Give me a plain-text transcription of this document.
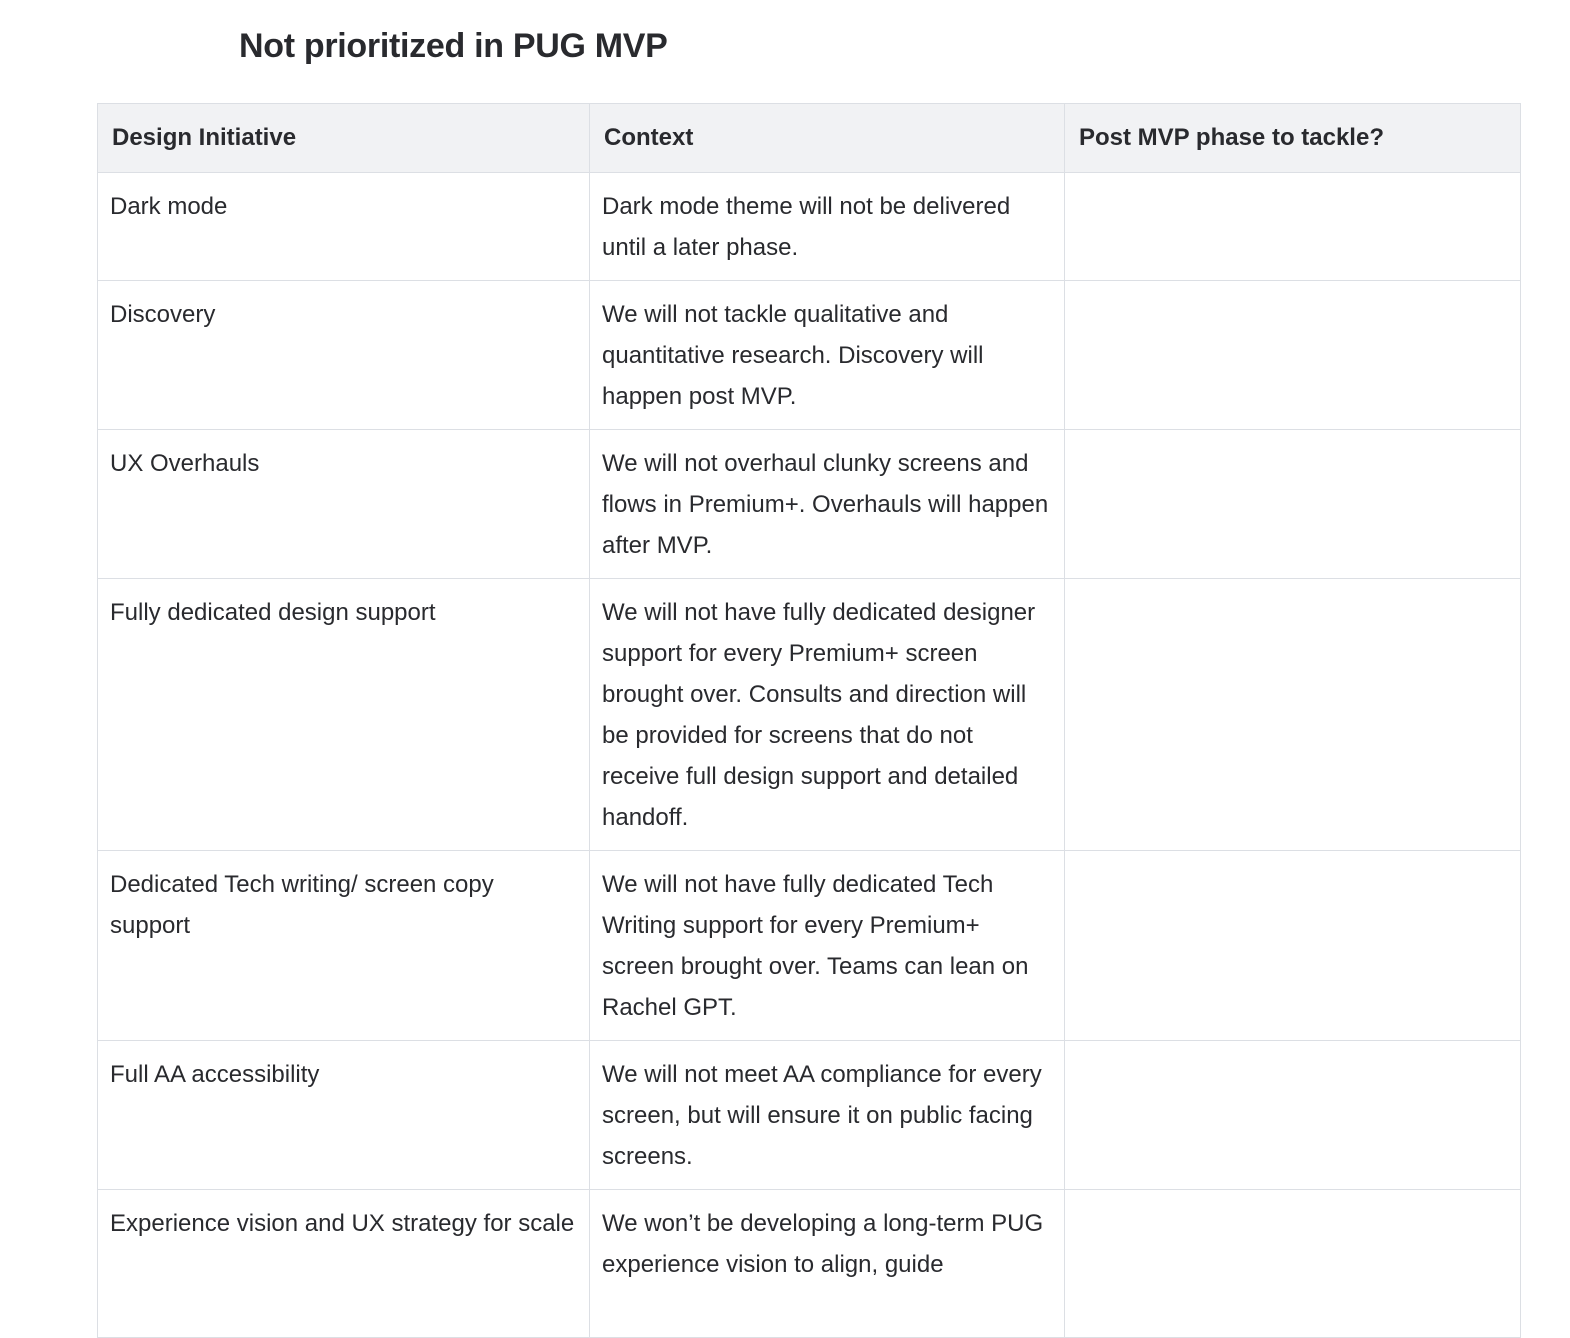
Not prioritized in PUG MVP
Design Initiative	Context	Post MVP phase to tackle?

Dark mode	Dark mode theme will not be delivered until a later phase.	

Discovery	We will not tackle qualitative and quantitative research. Discovery will happen post MVP.	

UX Overhauls	We will not overhaul clunky screens and flows in Premium+. Overhauls will happen after MVP.	

Fully dedicated design support	We will not have fully dedicated designer support for every Premium+ screen brought over. Consults and direction will be provided for screens that do not receive full design support and detailed handoff.	

Dedicated Tech writing/ screen copy support	We will not have fully dedicated Tech Writing support for every Premium+ screen brought over. Teams can lean on Rachel GPT.	

Full AA accessibility	We will not meet AA compliance for every screen, but will ensure it on public facing screens.	

Experience vision and UX strategy for scale	We won’t be developing a long-term PUG experience vision to align, guide	
